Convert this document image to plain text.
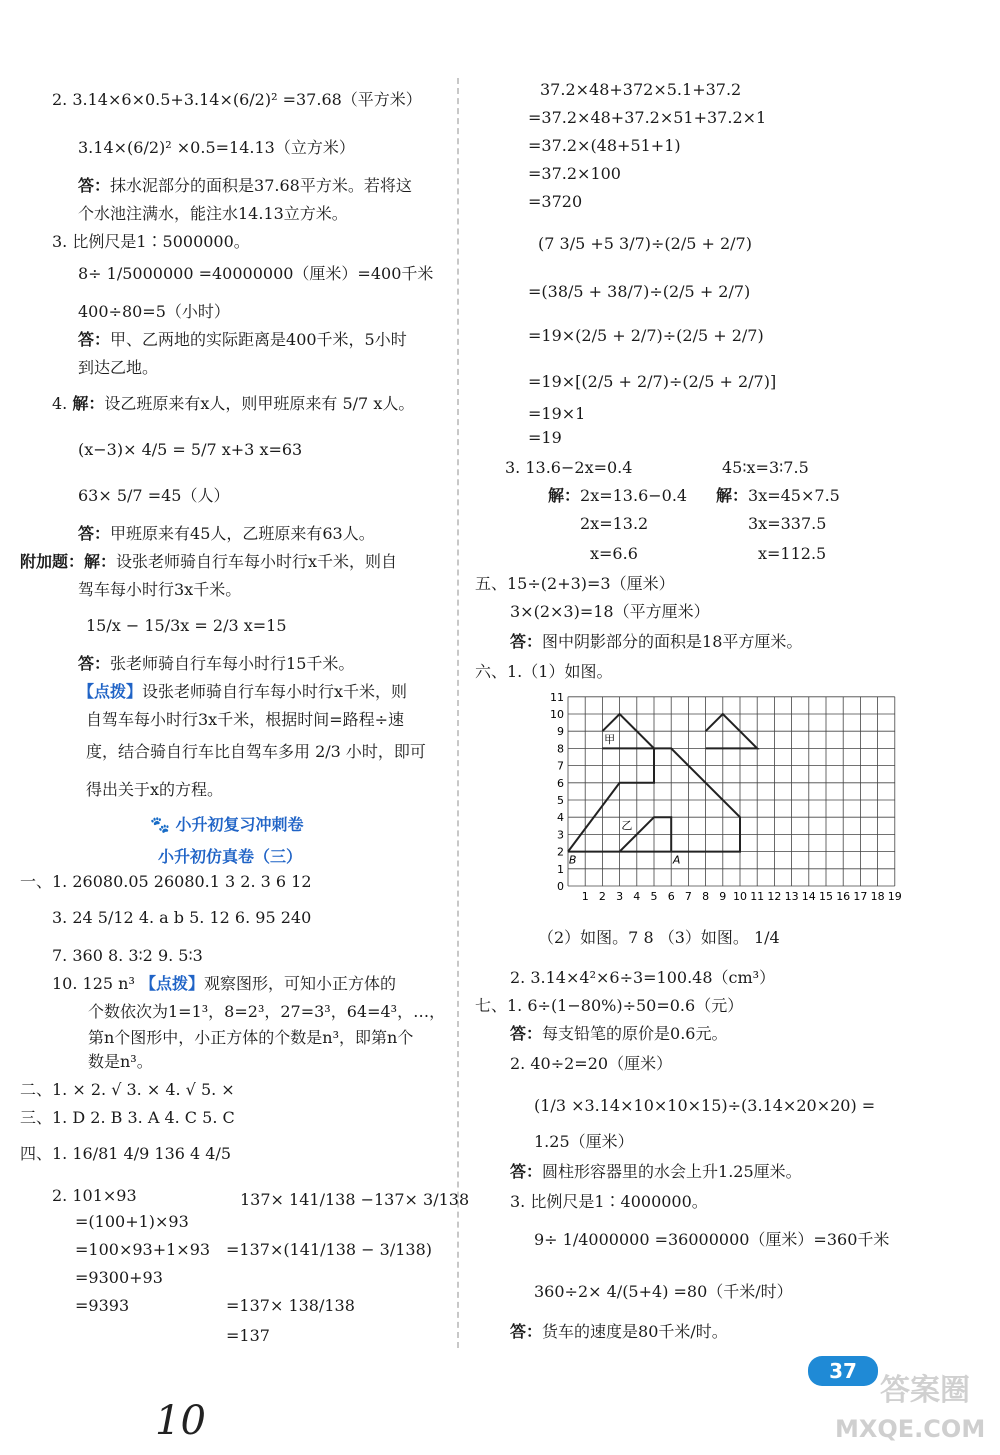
2. 3.14×6×0.5+3.14×(6/2)² =37.68（平方米）
3.14×(6/2)² ×0.5=14.13（立方米）
答：抹水泥部分的面积是37.68平方米。若将这
个水池注满水，能注水14.13立方米。
3. 比例尺是1∶5000000。
8÷ 1/5000000 =40000000（厘米）=400千米
400÷80=5（小时）
答：甲、乙两地的实际距离是400千米，5小时
到达乙地。
4. 解：设乙班原来有x人，则甲班原来有 5/7 x人。
(x−3)× 4/5 = 5/7 x+3 x=63
63× 5/7 =45（人）
答：甲班原来有45人，乙班原来有63人。
附加题：解：设张老师骑自行车每小时行x千米，则自
驾车每小时行3x千米。
15/x − 15/3x = 2/3 x=15
答：张老师骑自行车每小时行15千米。
【点拨】设张老师骑自行车每小时行x千米，则
自驾车每小时行3x千米，根据时间=路程÷速
度，结合骑自行车比自驾车多用 2/3 小时，即可
得出关于x的方程。
🐾 小升初复习冲刺卷
小升初仿真卷（三）
一、1. 26080.05 26080.1 3 2. 3 6 12
3. 24 5/12 4. a b 5. 12 6. 95 240
7. 360 8. 3∶2 9. 5∶3
10. 125 n³ 【点拨】观察图形，可知小正方体的
个数依次为1=1³，8=2³，27=3³，64=4³，…，
第n个图形中，小正方体的个数是n³，即第n个
数是n³。
二、1. × 2. √ 3. × 4. √ 5. ×
三、1. D 2. B 3. A 4. C 5. C
四、1. 16/81 4/9 136 4 4/5
2. 101×93
=(100+1)×93
=100×93+1×93
=9300+93
=9393
137× 141/138 −137× 3/138
=137×(141/138 − 3/138)
=137× 138/138
=137
37.2×48+372×5.1+37.2
=37.2×48+37.2×51+37.2×1
=37.2×(48+51+1)
=37.2×100
=3720
(7 3/5 +5 3/7)÷(2/5 + 2/7)
=(38/5 + 38/7)÷(2/5 + 2/7)
=19×(2/5 + 2/7)÷(2/5 + 2/7)
=19×[(2/5 + 2/7)÷(2/5 + 2/7)]
=19×1
=19
3. 13.6−2x=0.4	45∶x=3∶7.5
解：2x=13.6−0.4 解：3x=45×7.5
2x=13.2	3x=337.5
x=6.6	x=112.5
五、15÷(2+3)=3（厘米）
3×(2×3)=18（平方厘米）
答：图中阴影部分的面积是18平方厘米。
六、1.（1）如图。
1 2 3 4 5 6 7 8 9 10 11 12 13 14 15 16 17 18 19
0
1
2
3
4
5
6
7
8
9
10
11
甲
乙
A
B
（2）如图。7 8 （3）如图。 1/4
2. 3.14×4²×6÷3=100.48（cm³）
七、1. 6÷(1−80%)÷50=0.6（元）
答：每支铅笔的原价是0.6元。
2. 40÷2=20（厘米）
(1/3 ×3.14×10×10×15)÷(3.14×20×20) =
1.25（厘米）
答：圆柱形容器里的水会上升1.25厘米。
3. 比例尺是1∶4000000。
9÷ 1/4000000 =36000000（厘米）=360千米
360÷2× 4/(5+4) =80（千米/时）
答：货车的速度是80千米/时。
37
答案圈
MXQE.COM
10
